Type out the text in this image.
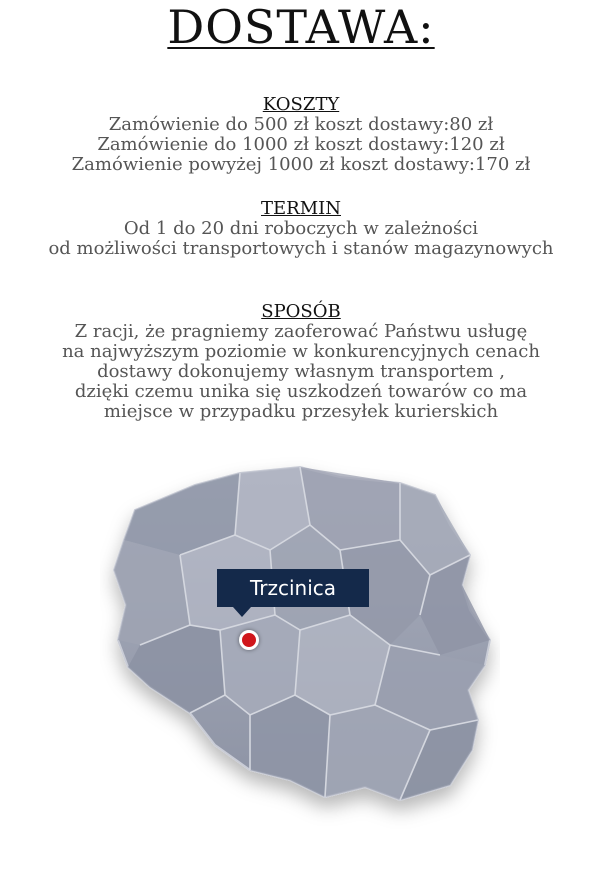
DOSTAWA:
KOSZTY
Zamówienie do 500 zł koszt dostawy:80 zł
Zamówienie do 1000 zł koszt dostawy:120 zł
Zamówienie powyżej 1000 zł koszt dostawy:170 zł
TERMIN
Od 1 do 20 dni roboczych w zależności
od możliwości transportowych i stanów magazynowych
SPOSÓB
Z racji, że pragniemy zaoferować Państwu usługę
na najwyższym poziomie w konkurencyjnych cenach
dostawy dokonujemy własnym transportem ,
dzięki czemu unika się uszkodzeń towarów co ma
miejsce w przypadku przesyłek kurierskich
Trzcinica
